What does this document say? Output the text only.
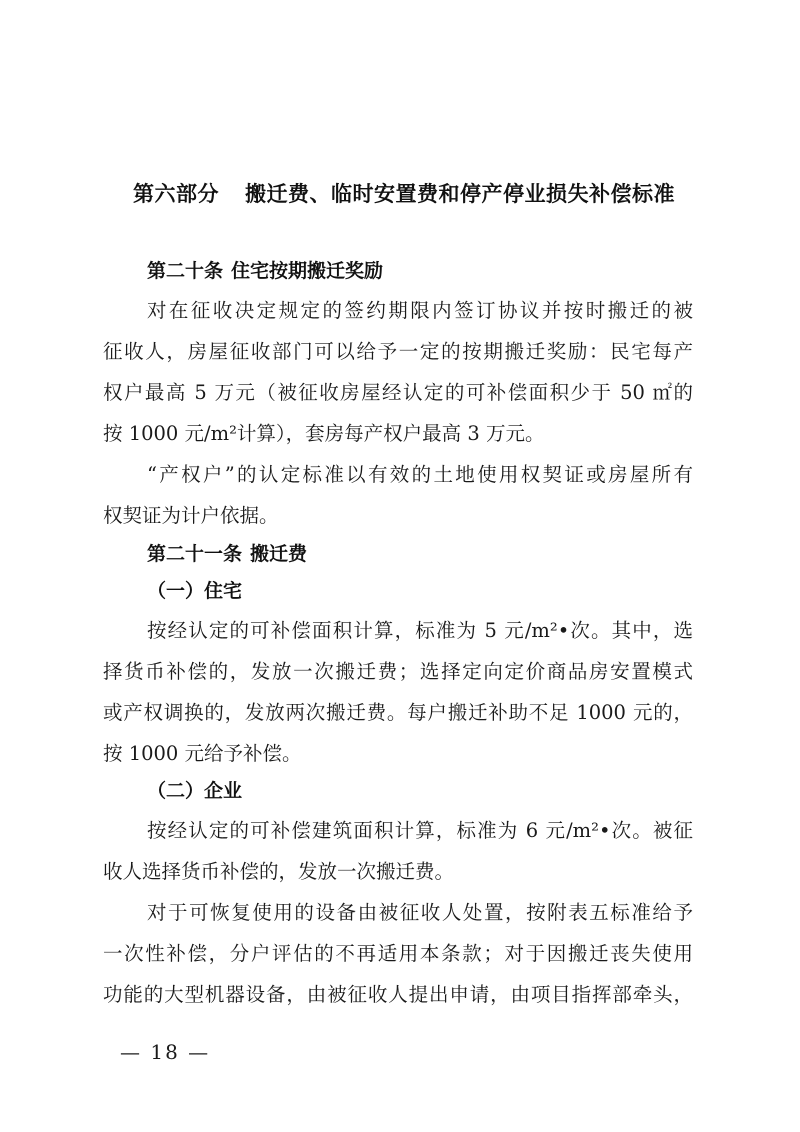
第六部分 搬迁费、临时安置费和停产停业损失补偿标准
第二十条 住宅按期搬迁奖励
对在征收决定规定的签约期限内签订协议并按时搬迁的被
征收人，房屋征收部门可以给予一定的按期搬迁奖励：民宅每产
权户最高 5 万元（被征收房屋经认定的可补偿面积少于 50 ㎡的
按 1000 元/m²计算），套房每产权户最高 3 万元。
“产权户”的认定标准以有效的土地使用权契证或房屋所有
权契证为计户依据。
第二十一条 搬迁费
（一）住宅
按经认定的可补偿面积计算，标准为 5 元/m²•次。其中，选
择货币补偿的，发放一次搬迁费；选择定向定价商品房安置模式
或产权调换的，发放两次搬迁费。每户搬迁补助不足 1000 元的，
按 1000 元给予补偿。
（二）企业
按经认定的可补偿建筑面积计算，标准为 6 元/m²•次。被征
收人选择货币补偿的，发放一次搬迁费。
对于可恢复使用的设备由被征收人处置，按附表五标准给予
一次性补偿，分户评估的不再适用本条款；对于因搬迁丧失使用
功能的大型机器设备，由被征收人提出申请，由项目指挥部牵头，
— 18 —
